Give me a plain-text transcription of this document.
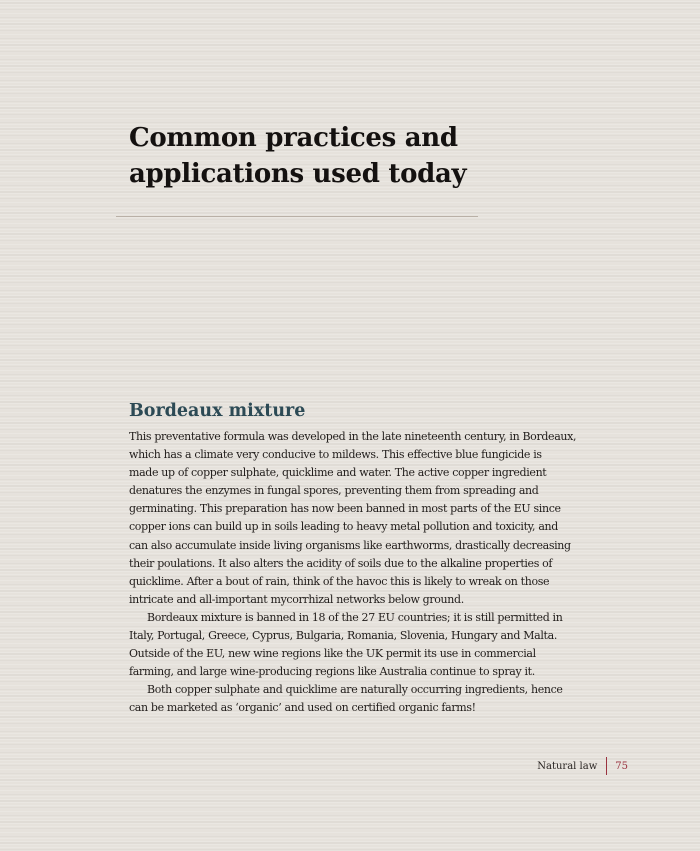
Common practices and
applications used today
Bordeaux mixture
This preventative formula was developed in the late nineteenth century, in Bordeaux,
which has a climate very conducive to mildews. This effective blue fungicide is
made up of copper sulphate, quicklime and water. The active copper ingredient
denatures the enzymes in fungal spores, preventing them from spreading and
germinating. This preparation has now been banned in most parts of the EU since
copper ions can build up in soils leading to heavy metal pollution and toxicity, and
can also accumulate inside living organisms like earthworms, drastically decreasing
their poulations. It also alters the acidity of soils due to the alkaline properties of
quicklime. After a bout of rain, think of the havoc this is likely to wreak on those
intricate and all-important mycorrhizal networks below ground.
Bordeaux mixture is banned in 18 of the 27 EU countries; it is still permitted in
Italy, Portugal, Greece, Cyprus, Bulgaria, Romania, Slovenia, Hungary and Malta.
Outside of the EU, new wine regions like the UK permit its use in commercial
farming, and large wine-producing regions like Australia continue to spray it.
Both copper sulphate and quicklime are naturally occurring ingredients, hence
can be marketed as ‘organic’ and used on certified organic farms!
Natural law 75
